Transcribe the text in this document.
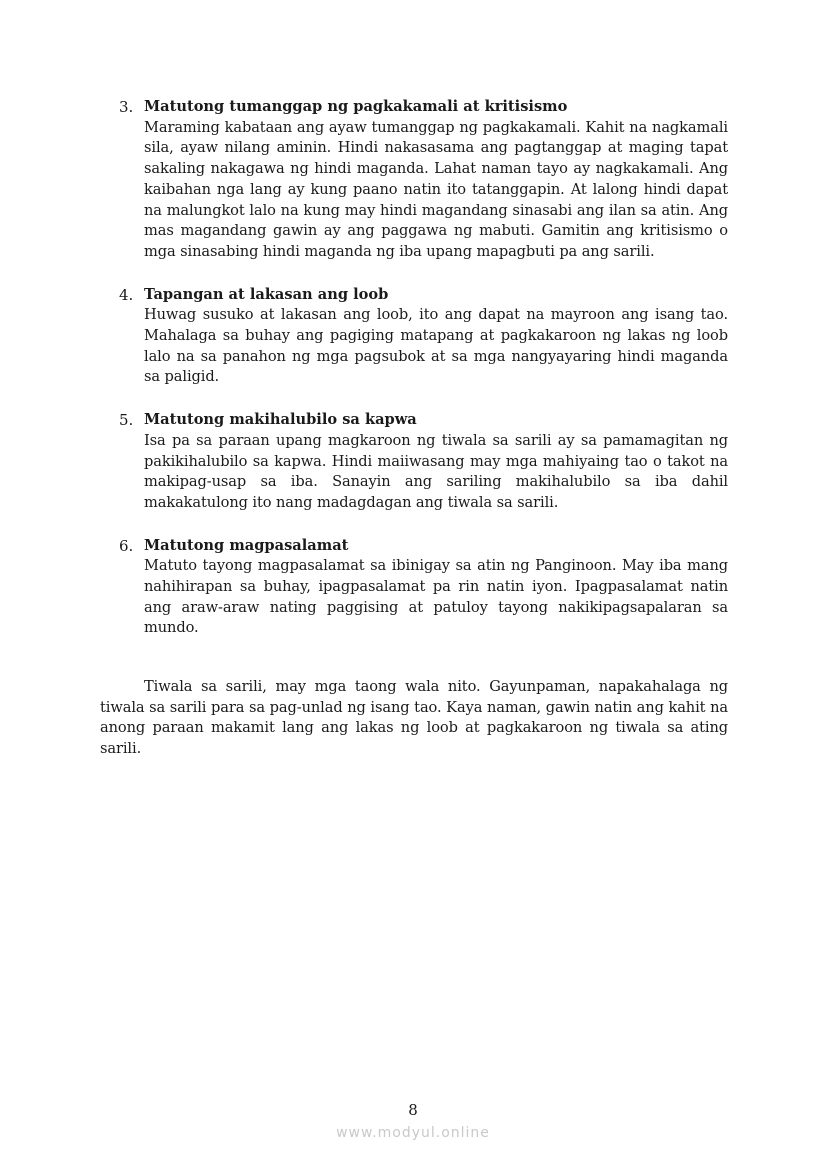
3. Matutong tumanggap ng pagkakamali at kritisismo

Maraming kabataan ang ayaw tumanggap ng pagkakamali. Kahit na nagkamali sila, ayaw nilang aminin. Hindi nakasasama ang pagtanggap at maging tapat sakaling nakagawa ng hindi maganda. Lahat naman tayo ay nagkakamali. Ang kaibahan nga lang ay kung paano natin ito tatanggapin. At lalong hindi dapat na malungkot lalo na kung may hindi magandang sinasabi ang ilan sa atin. Ang mas magandang gawin ay ang paggawa ng mabuti. Gamitin ang kritisismo o mga sinasabing hindi maganda ng iba upang mapagbuti pa ang sarili.

4. Tapangan at lakasan ang loob

Huwag susuko at lakasan ang loob, ito ang dapat na mayroon ang isang tao. Mahalaga sa buhay ang pagiging matapang at pagkakaroon ng lakas ng loob lalo na sa panahon ng mga pagsubok at sa mga nangyayaring hindi maganda sa paligid.

5. Matutong makihalubilo sa kapwa

Isa pa sa paraan upang magkaroon ng tiwala sa sarili ay sa pamamagitan ng pakikihalubilo sa kapwa. Hindi maiiwasang may mga mahiyaing tao o takot na makipag-usap sa iba. Sanayin ang sariling makihalubilo sa iba dahil makakatulong ito nang madagdagan ang tiwala sa sarili.

6. Matutong magpasalamat

Matuto tayong magpasalamat sa ibinigay sa atin ng Panginoon. May iba mang nahihirapan sa buhay, ipagpasalamat pa rin natin iyon. Ipagpasalamat natin ang araw-araw nating paggising at patuloy tayong nakikipagsapalaran sa mundo.

Tiwala sa sarili, may mga taong wala nito. Gayunpaman, napakahalaga ng tiwala sa sarili para sa pag-unlad ng isang tao. Kaya naman, gawin natin ang kahit na anong paraan makamit lang ang lakas ng loob at pagkakaroon ng tiwala sa ating sarili.

8

www.modyul.online
